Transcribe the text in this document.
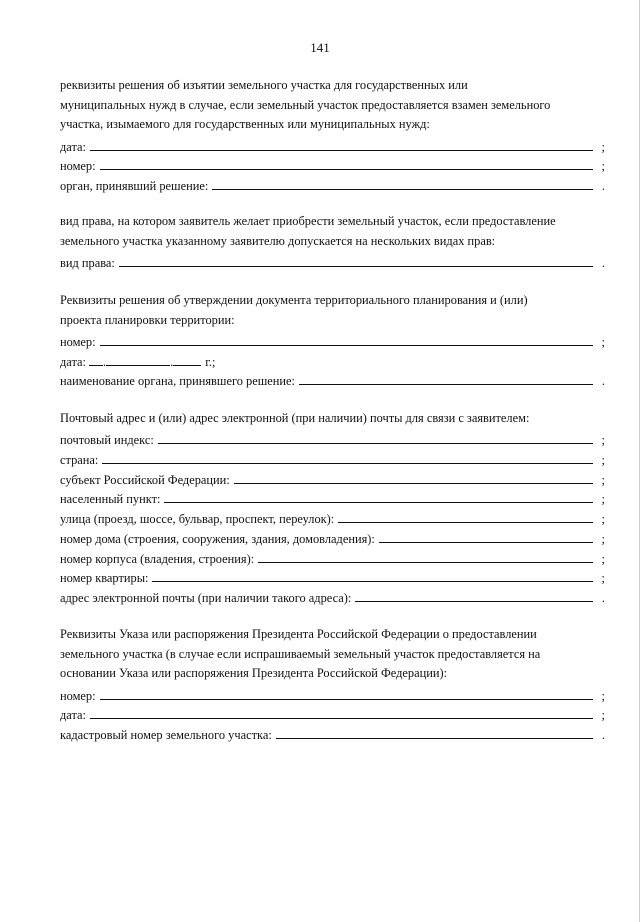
141

реквизиты решения об изъятии земельного участка для государственных или

муниципальных нужд в случае, если земельный участок предоставляется взамен земельного

участка, изымаемого для государственных или муниципальных нужд:

дата:	;
номер:	;
орган, принявший решение:	.

вид права, на котором заявитель желает приобрести земельный участок, если предоставление

земельного участка указанному заявителю допускается на нескольких видах прав:

вид права:	.

Реквизиты решения об утверждении документа территориального планирования и (или)

проекта планировки территории:

номер:	;
дата: .	.	г.;
наименование органа, принявшего решение:	.

Почтовый адрес и (или) адрес электронной (при наличии) почты для связи с заявителем:

почтовый индекс:	;
страна:	;
субъект Российской Федерации:	;
населенный пункт:	;
улица (проезд, шоссе, бульвар, проспект, переулок):	;
номер дома (строения, сооружения, здания, домовладения):	;
номер корпуса (владения, строения):	;
номер квартиры:	;
адрес электронной почты (при наличии такого адреса):	.

Реквизиты Указа или распоряжения Президента Российской Федерации о предоставлении

земельного участка (в случае если испрашиваемый земельный участок предоставляется на

основании Указа или распоряжения Президента Российской Федерации):

номер:	;
дата:	;
кадастровый номер земельного участка:	.
